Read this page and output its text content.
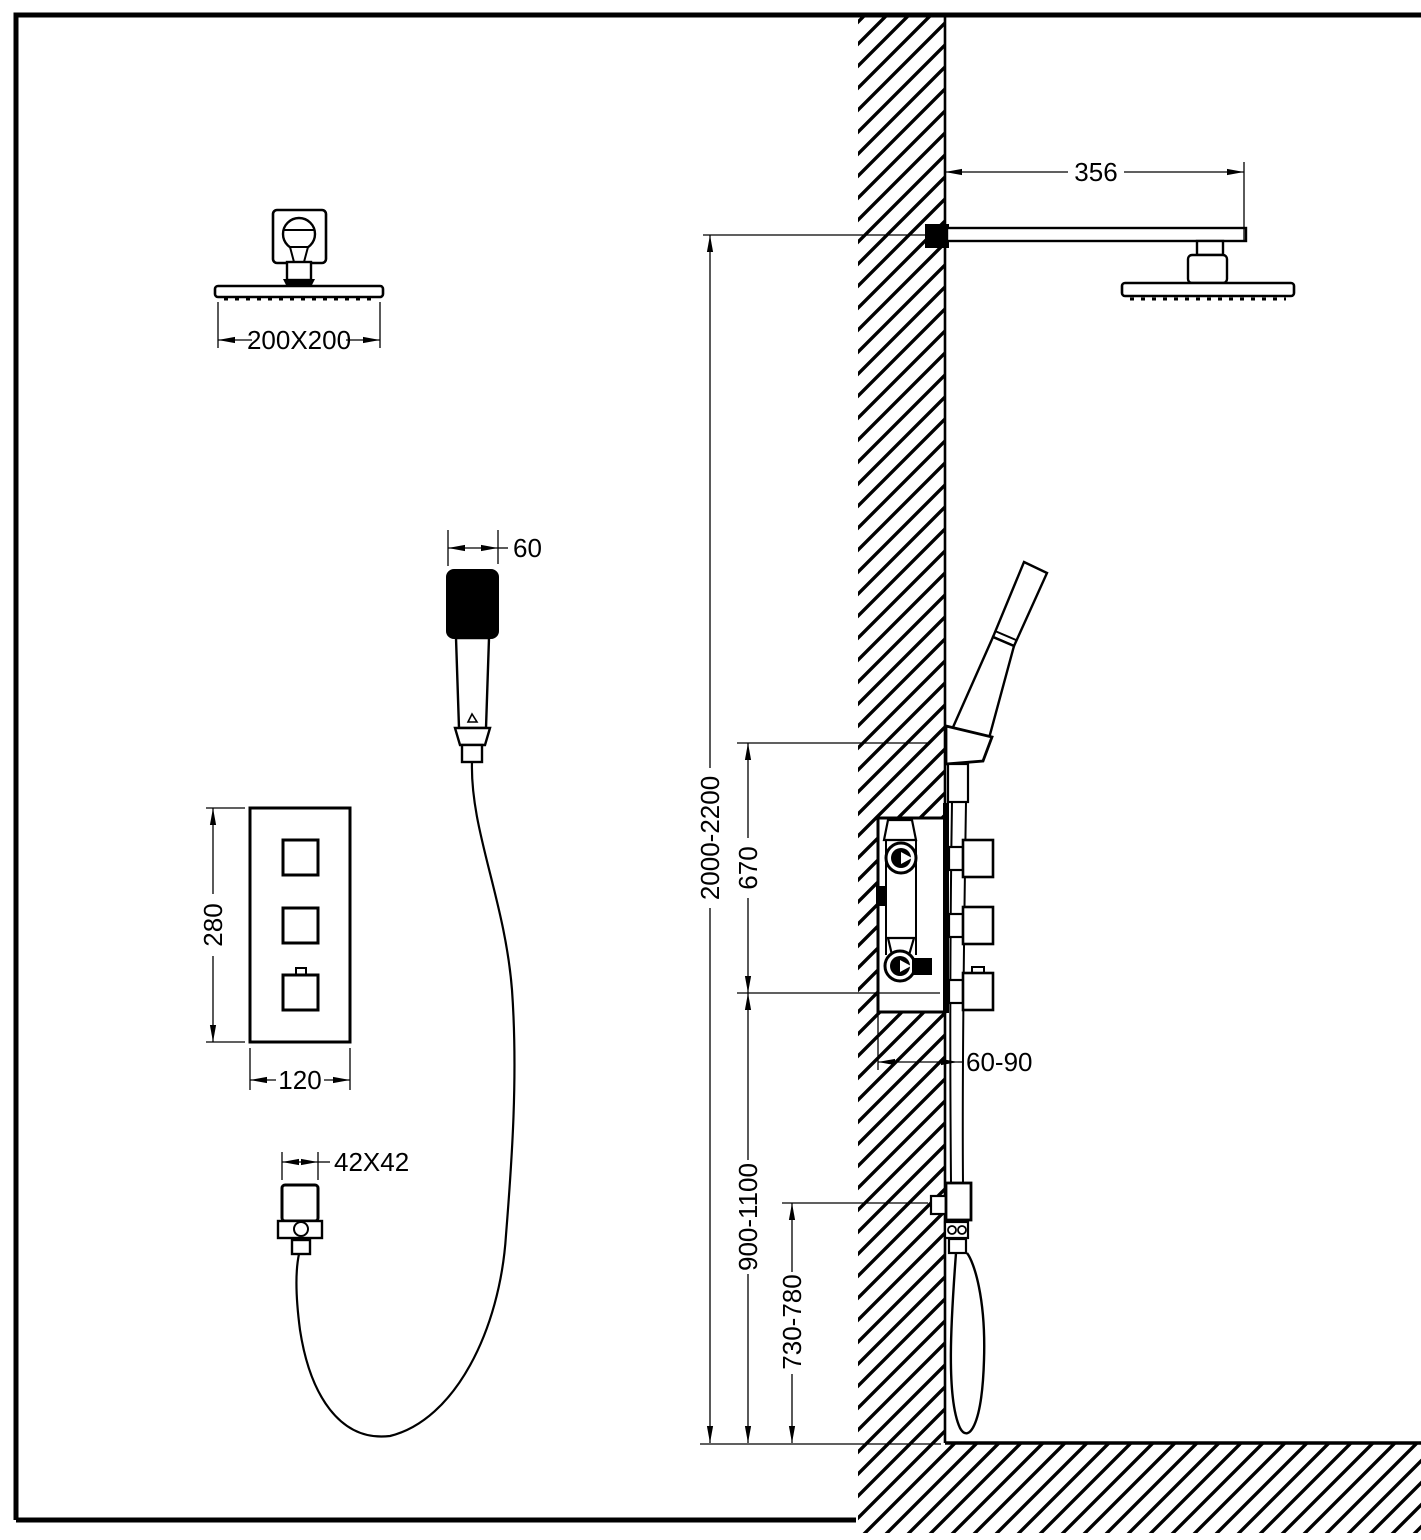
200X200
60
280
120
42X42
356
60-90
2000-2200 670
900-1100
730-780
